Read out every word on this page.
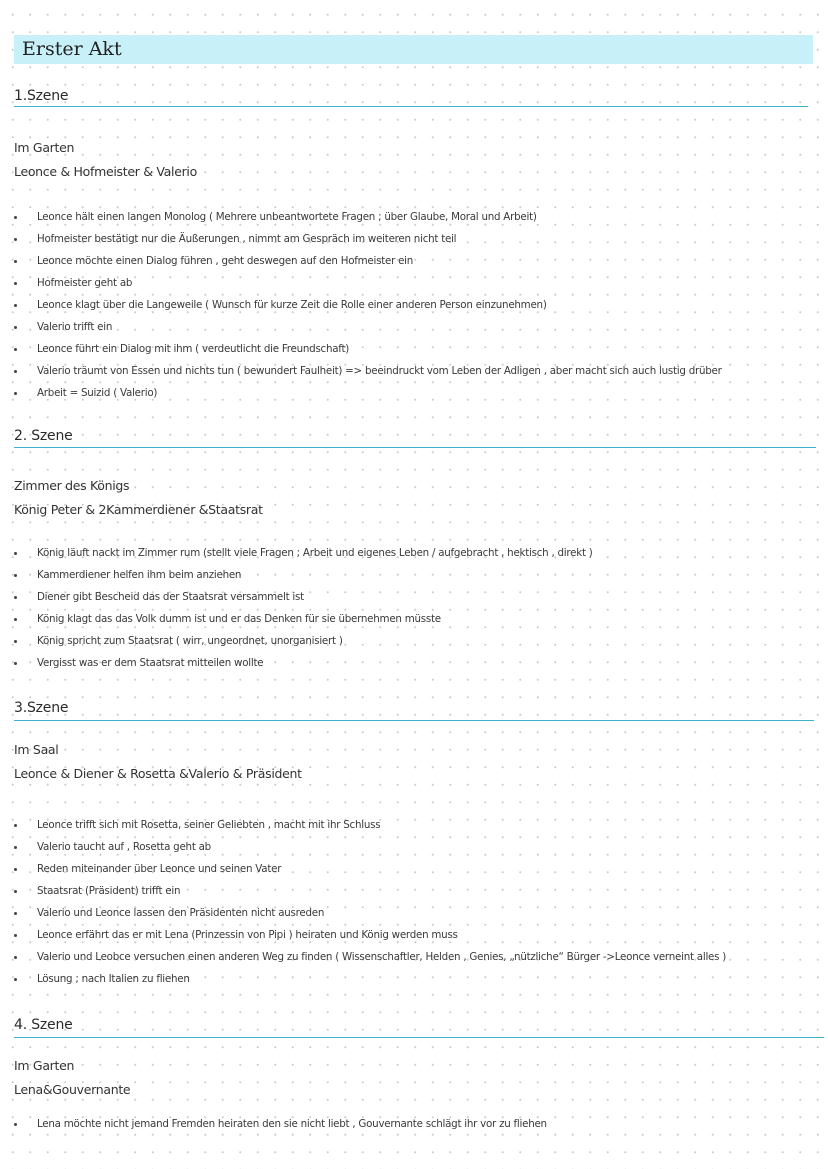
Erster Akt
1.Szene
Im Garten
Leonce & Hofmeister & Valerio
Leonce hält einen langen Monolog ( Mehrere unbeantwortete Fragen ; über Glaube, Moral und Arbeit)
Hofmeister bestätigt nur die Äußerungen , nimmt am Gespräch im weiteren nicht teil
Leonce möchte einen Dialog führen , geht deswegen auf den Hofmeister ein
Hofmeister geht ab
Leonce klagt über die Langeweile ( Wunsch für kurze Zeit die Rolle einer anderen Person einzunehmen)
Valerio trifft ein
Leonce führt ein Dialog mit ihm ( verdeutlicht die Freundschaft)
Valerio träumt von Essen und nichts tun ( bewundert Faulheit) => beeindruckt vom Leben der Adligen , aber macht sich auch lustig drüber
Arbeit = Suizid ( Valerio)
2. Szene
Zimmer des Königs
König Peter & 2Kammerdiener &Staatsrat
König läuft nackt im Zimmer rum (stellt viele Fragen ; Arbeit und eigenes Leben / aufgebracht , hektisch , direkt )
Kammerdiener helfen ihm beim anziehen
Diener gibt Bescheid das der Staatsrat versammelt ist
König klagt das das Volk dumm ist und er das Denken für sie übernehmen müsste
König spricht zum Staatsrat ( wirr, ungeordnet, unorganisiert )
Vergisst was er dem Staatsrat mitteilen wollte
3.Szene
Im Saal
Leonce & Diener & Rosetta &Valerio & Präsident
Leonce trifft sich mit Rosetta, seiner Geliebten , macht mit ihr Schluss
Valerio taucht auf , Rosetta geht ab
Reden miteinander über Leonce und seinen Vater
Staatsrat (Präsident) trifft ein
Valerio und Leonce lassen den Präsidenten nicht ausreden
Leonce erfährt das er mit Lena (Prinzessin von Pipi ) heiraten und König werden muss
Valerio und Leobce versuchen einen anderen Weg zu finden ( Wissenschaftler, Helden , Genies, „nützliche“ Bürger ->Leonce verneint alles )
Lösung ; nach Italien zu fliehen
4. Szene
Im Garten
Lena&Gouvernante
Lena möchte nicht jemand Fremden heiraten den sie nicht liebt , Gouvernante schlägt ihr vor zu fliehen
